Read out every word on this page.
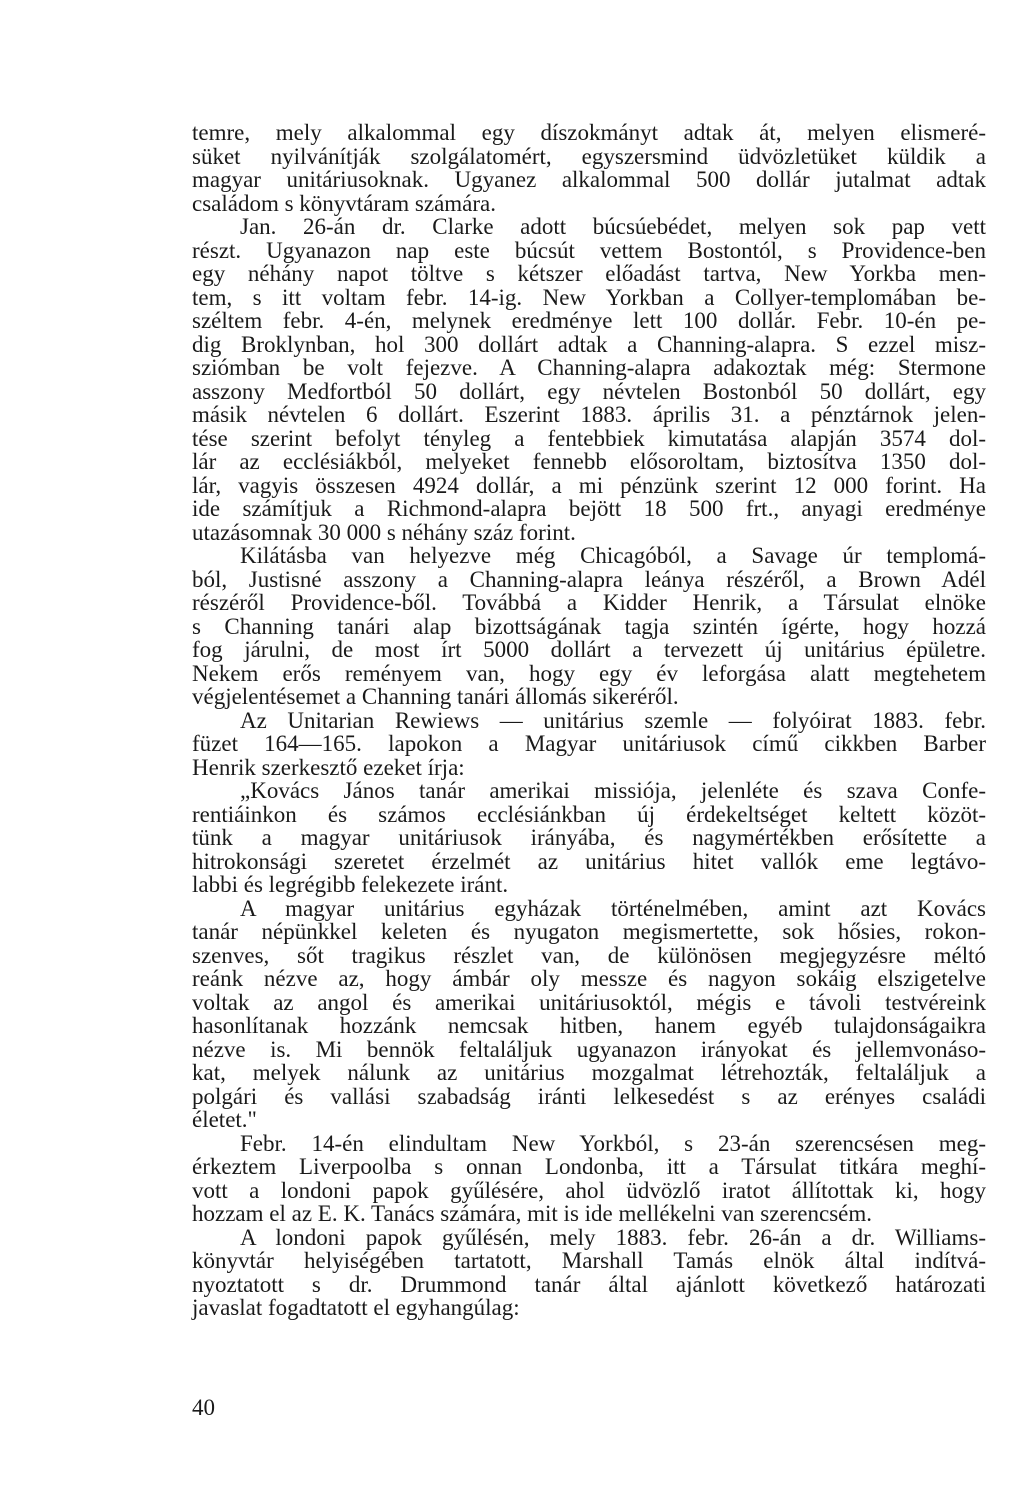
temre, mely alkalommal egy díszokmányt adtak át, melyen elismeré-
süket nyilvánítják szolgálatomért, egyszersmind üdvözletüket küldik a
magyar unitáriusoknak. Ugyanez alkalommal 500 dollár jutalmat adtak
családom s könyvtáram számára.
Jan. 26-án dr. Clarke adott búcsúebédet, melyen sok pap vett
részt. Ugyanazon nap este búcsút vettem Bostontól, s Providence-ben
egy néhány napot töltve s kétszer előadást tartva, New Yorkba men-
tem, s itt voltam febr. 14-ig. New Yorkban a Collyer-templomában be-
széltem febr. 4-én, melynek eredménye lett 100 dollár. Febr. 10-én pe-
dig Broklynban, hol 300 dollárt adtak a Channing-alapra. S ezzel misz-
sziómban be volt fejezve. A Channing-alapra adakoztak még: Stermone
asszony Medfortból 50 dollárt, egy névtelen Bostonból 50 dollárt, egy
másik névtelen 6 dollárt. Eszerint 1883. április 31. a pénztárnok jelen-
tése szerint befolyt tényleg a fentebbiek kimutatása alapján 3574 dol-
lár az ecclésiákból, melyeket fennebb elősoroltam, biztosítva 1350 dol-
lár, vagyis összesen 4924 dollár, a mi pénzünk szerint 12 000 forint. Ha
ide számítjuk a Richmond-alapra bejött 18 500 frt., anyagi eredménye
utazásomnak 30 000 s néhány száz forint.
Kilátásba van helyezve még Chicagóból, a Savage úr templomá-
ból, Justisné asszony a Channing-alapra leánya részéről, a Brown Adél
részéről Providence-ből. Továbbá a Kidder Henrik, a Társulat elnöke
s Channing tanári alap bizottságának tagja szintén ígérte, hogy hozzá
fog járulni, de most írt 5000 dollárt a tervezett új unitárius épületre.
Nekem erős reményem van, hogy egy év leforgása alatt megtehetem
végjelentésemet a Channing tanári állomás sikeréről.
Az Unitarian Rewiews — unitárius szemle — folyóirat 1883. febr.
füzet 164—165. lapokon a Magyar unitáriusok című cikkben Barber
Henrik szerkesztő ezeket írja:
„Kovács János tanár amerikai missiója, jelenléte és szava Confe-
rentiáinkon és számos ecclésiánkban új érdekeltséget keltett közöt-
tünk a magyar unitáriusok irányába, és nagymértékben erősítette a
hitrokonsági szeretet érzelmét az unitárius hitet vallók eme legtávo-
labbi és legrégibb felekezete iránt.
A magyar unitárius egyházak történelmében, amint azt Kovács
tanár népünkkel keleten és nyugaton megismertette, sok hősies, rokon-
szenves, sőt tragikus részlet van, de különösen megjegyzésre méltó
reánk nézve az, hogy ámbár oly messze és nagyon sokáig elszigetelve
voltak az angol és amerikai unitáriusoktól, mégis e távoli testvéreink
hasonlítanak hozzánk nemcsak hitben, hanem egyéb tulajdonságaikra
nézve is. Mi bennök feltaláljuk ugyanazon irányokat és jellemvonáso-
kat, melyek nálunk az unitárius mozgalmat létrehozták, feltaláljuk a
polgári és vallási szabadság iránti lelkesedést s az erényes családi
életet."
Febr. 14-én elindultam New Yorkból, s 23-án szerencsésen meg-
érkeztem Liverpoolba s onnan Londonba, itt a Társulat titkára meghí-
vott a londoni papok gyűlésére, ahol üdvözlő iratot állítottak ki, hogy
hozzam el az E. K. Tanács számára, mit is ide mellékelni van szerencsém.
A londoni papok gyűlésén, mely 1883. febr. 26-án a dr. Williams-
könyvtár helyiségében tartatott, Marshall Tamás elnök által indítvá-
nyoztatott s dr. Drummond tanár által ajánlott következő határozati
javaslat fogadtatott el egyhangúlag:
40
